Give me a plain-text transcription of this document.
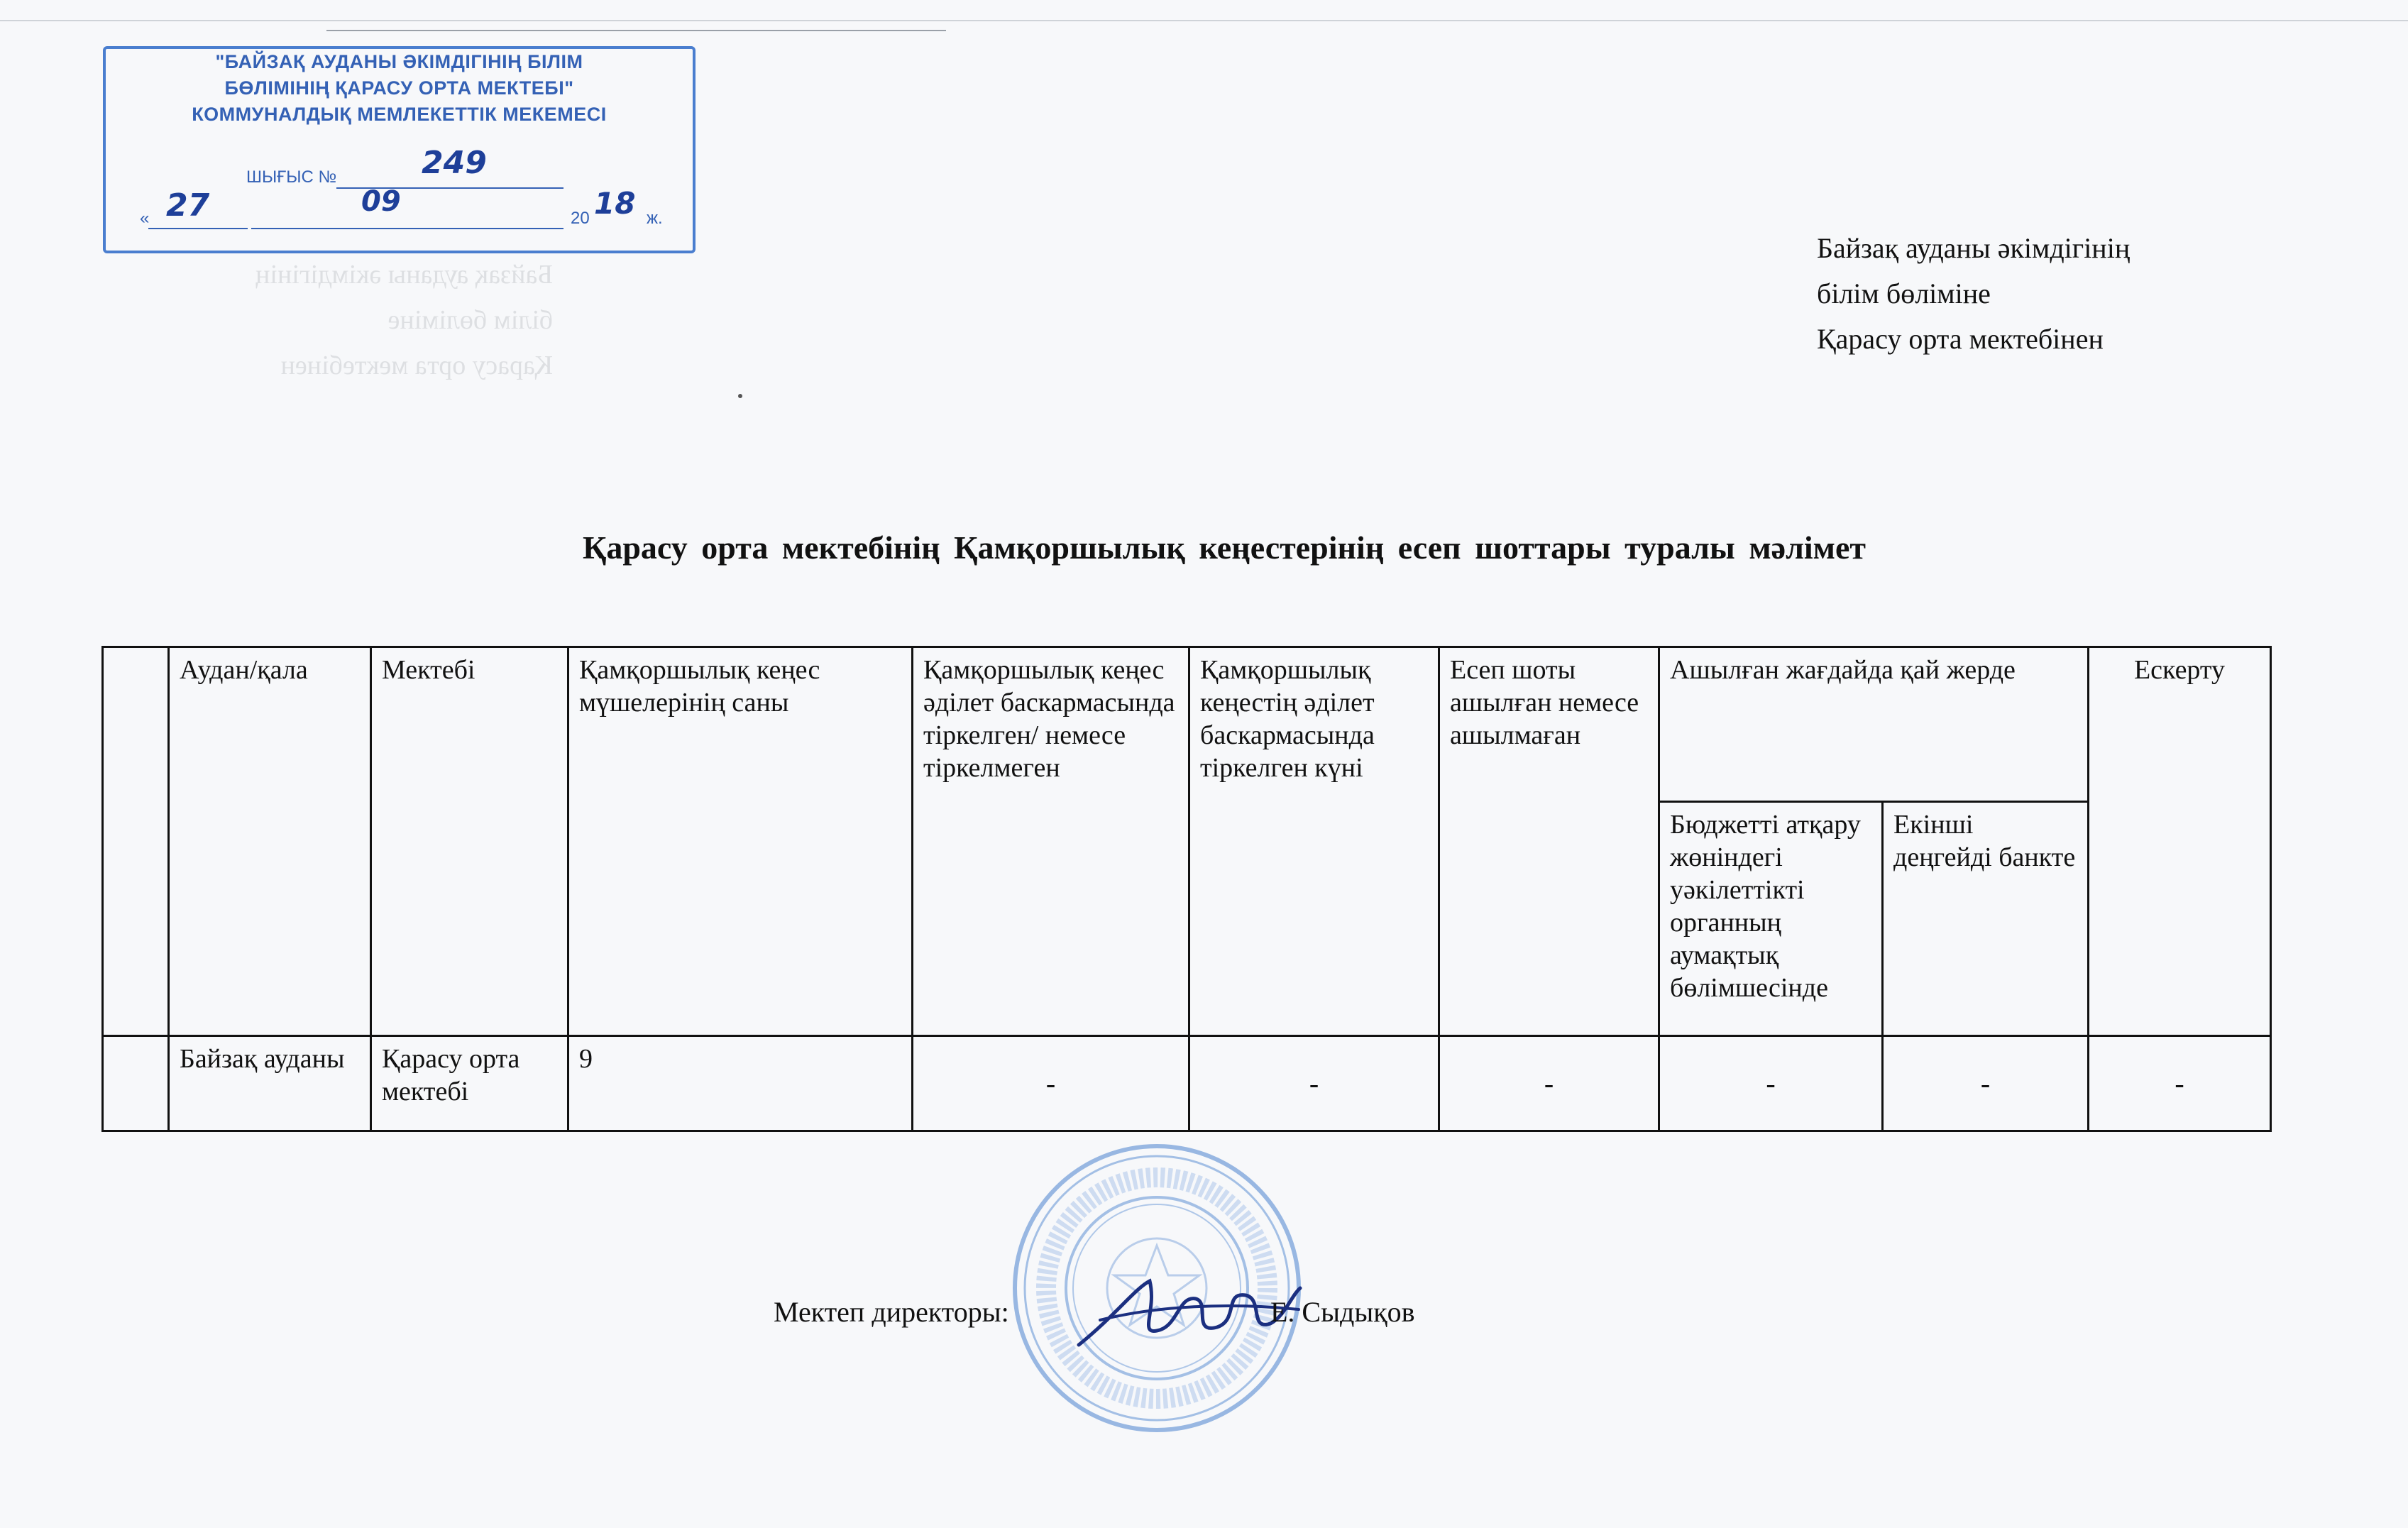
Байзақ ауданы әкімдігінің
білім бөліміне
Қарасу орта мектебінен
"БАЙЗАҚ АУДАНЫ ӘКІМДІГІНІҢ БІЛІМ
БӨЛІМІНІҢ ҚАРАСУ ОРТА МЕКТЕБІ"
КОММУНАЛДЫҚ МЕМЛЕКЕТТІК МЕКЕМЕСІ
ШЫҒЫС №	249
« 27	09
20 18 ж.
Байзақ ауданы әкімдігінің
білім бөліміне
Қарасу орта мектебінен
Қарасу орта мектебінің Қамқоршылық кеңестерінің есеп шоттары туралы мәлімет
	Аудан/қала	Мектебі	Қамқоршылық кеңес мүшелерінің саны	Қамқоршылық кеңес әділет баскармасында тіркелген/ немесе тіркелмеген	Қамқоршылық кеңестің әділет баскармасында тіркелген күні	Есеп шоты ашылған немесе ашылмаған	Ашылған жағдайда қай жерде		Ескерту
							Бюджетті атқару жөніндегі уәкілеттікті органның аумақтық бөлімшесінде	Екінші деңгейді банкте	
	Байзақ ауданы	Қарасу орта мектебі	9	-	-	-	-	-	-
Мектеп директоры:	Е. Сыдықов
